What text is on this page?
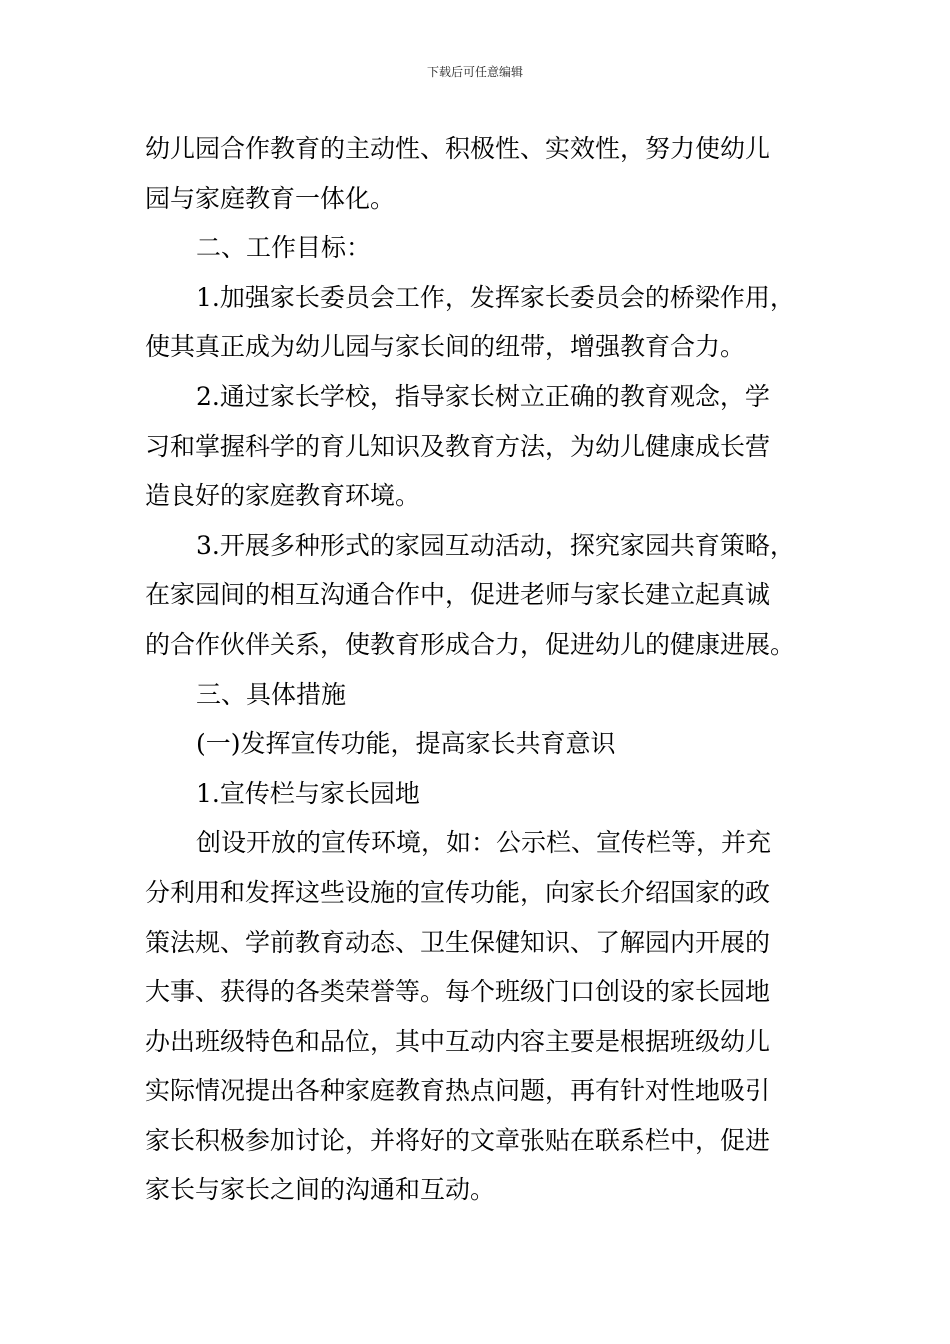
下载后可任意编辑
幼儿园合作教育的主动性、积极性、实效性，努力使幼儿
园与家庭教育一体化。
二、工作目标：
1.加强家长委员会工作，发挥家长委员会的桥梁作用，
使其真正成为幼儿园与家长间的纽带，增强教育合力。
2.通过家长学校，指导家长树立正确的教育观念，学
习和掌握科学的育儿知识及教育方法，为幼儿健康成长营
造良好的家庭教育环境。
3.开展多种形式的家园互动活动，探究家园共育策略，
在家园间的相互沟通合作中，促进老师与家长建立起真诚
的合作伙伴关系，使教育形成合力，促进幼儿的健康进展。
三、具体措施
(一)发挥宣传功能，提高家长共育意识
1.宣传栏与家长园地
创设开放的宣传环境，如：公示栏、宣传栏等，并充
分利用和发挥这些设施的宣传功能，向家长介绍国家的政
策法规、学前教育动态、卫生保健知识、了解园内开展的
大事、获得的各类荣誉等。每个班级门口创设的家长园地
办出班级特色和品位，其中互动内容主要是根据班级幼儿
实际情况提出各种家庭教育热点问题，再有针对性地吸引
家长积极参加讨论，并将好的文章张贴在联系栏中，促进
家长与家长之间的沟通和互动。
